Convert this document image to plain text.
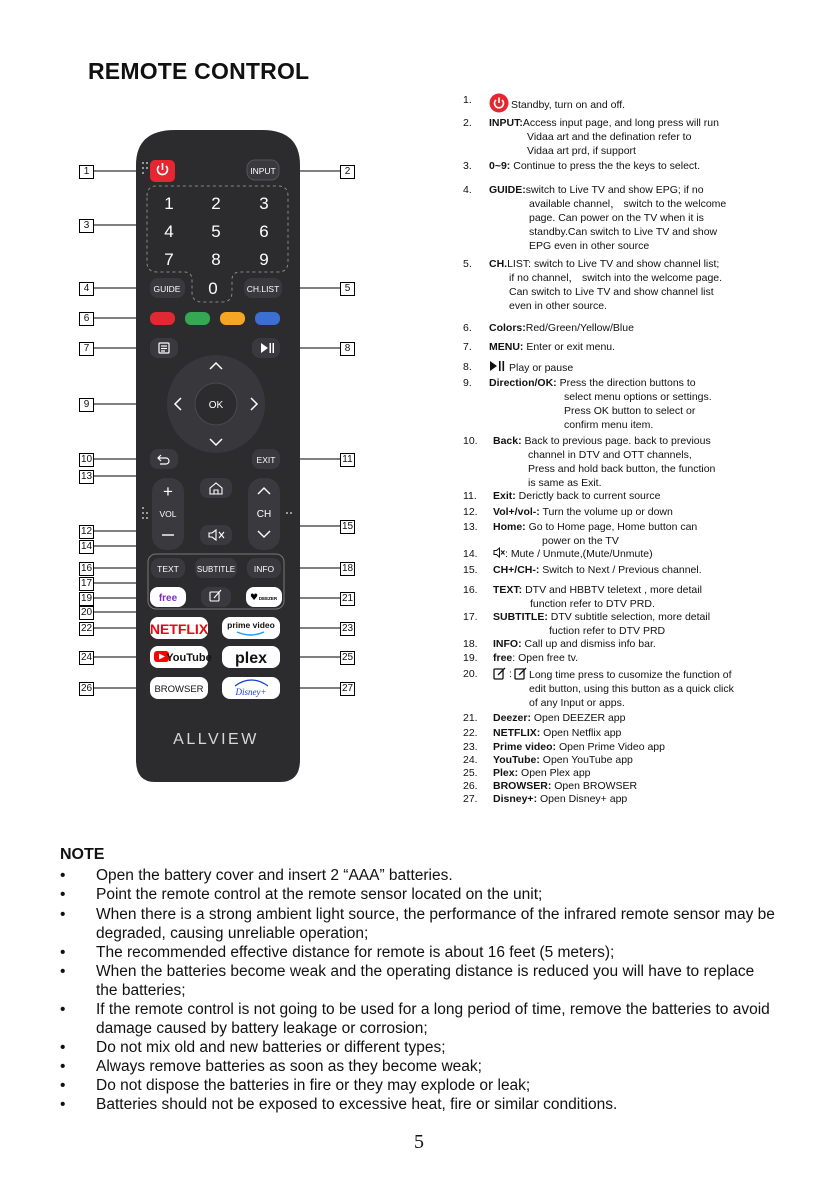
REMOTE CONTROL
INPUT
1 2 3
4 5 6
7 8 9
0
GUIDE	CH.LIST
OK
EXIT
+
VOL	CH
TEXT SUBTITLE INFO
free	♥ DEEZER
NETFLIX prime video
YouTube plex
BROWSER	Disney+
ALLVIEW
1	2
3
4	5
6
7	8
9
10	11
12
13
14
15
16
17
18
19
20
21
22	23
24	25
26	27
1.	Standby, turn on and off.
2. INPUT:Access input page, and long press will run
Vidaa art and the defination refer to
Vidaa art prd, if support
3. 0~9: Continue to press the the keys to select.
4. GUIDE:switch to Live TV and show EPG; if no
available channel， switch to the welcome
page. Can power on the TV when it is
standby.Can switch to Live TV and show
EPG even in other source
5. CH.LIST: switch to Live TV and show channel list;
if no channel， switch into the welcome page.
Can switch to Live TV and show channel list
even in other source.
6. Colors:Red/Green/Yellow/Blue
7. MENU: Enter or exit menu.
8.	Play or pause
9. Direction/OK: Press the direction buttons to
select menu options or settings.
Press OK button to select or
confirm menu item.
10. Back: Back to previous page. back to previous
channel in DTV and OTT channels,
Press and hold back button, the function
is same as Exit.
11. Exit: Derictly back to current source
12. Vol+/vol-: Turn the volume up or down
13. Home: Go to Home page, Home button can
power on the TV
14.	: Mute / Unmute,(Mute/Unmute)
15. CH+/CH-: Switch to Next / Previous channel.
16. TEXT: DTV and HBBTV teletext , more detail
function refer to DTV PRD.
17. SUBTITLE: DTV subtitle selection, more detail
fuction refer to DTV PRD
18. INFO: Call up and dismiss info bar.
19. free: Open free tv.
20.	: Long time press to cusomize the function of
edit button, using this button as a quick click
of any Input or apps.
21. Deezer: Open DEEZER app
22. NETFLIX: Open Netflix app
23. Prime video: Open Prime Video app
24. YouTube: Open YouTube app
25. Plex: Open Plex app
26. BROWSER: Open BROWSER
27. Disney+: Open Disney+ app
NOTE
• Open the battery cover and insert 2 “AAA” batteries.
• Point the remote control at the remote sensor located on the unit;
• When there is a strong ambient light source, the performance of the infrared remote sensor may be degraded, causing unreliable operation;
• The recommended effective distance for remote is about 16 feet (5 meters);
• When the batteries become weak and the operating distance is reduced you will have to replace the batteries;
• If the remote control is not going to be used for a long period of time, remove the batteries to avoid damage caused by battery leakage or corrosion;
• Do not mix old and new batteries or different types;
• Always remove batteries as soon as they become weak;
• Do not dispose the batteries in fire or they may explode or leak;
• Batteries should not be exposed to excessive heat, fire or similar conditions.
5
